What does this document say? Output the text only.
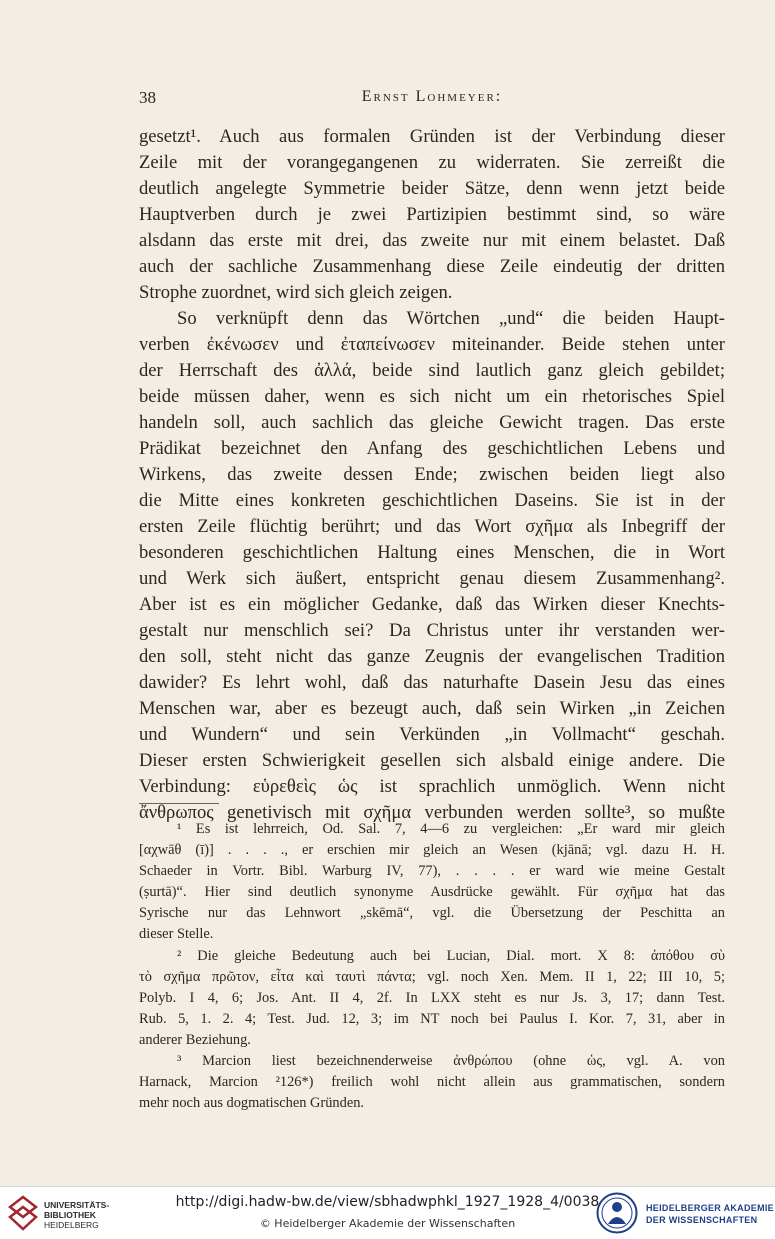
38	Ernst Lohmeyer:
gesetzt¹. Auch aus formalen Gründen ist der Verbindung dieser
Zeile mit der vorangegangenen zu widerraten. Sie zerreißt die
deutlich angelegte Symmetrie beider Sätze, denn wenn jetzt beide
Hauptverben durch je zwei Partizipien bestimmt sind, so wäre
alsdann das erste mit drei, das zweite nur mit einem belastet. Daß
auch der sachliche Zusammenhang diese Zeile eindeutig der dritten
Strophe zuordnet, wird sich gleich zeigen.
So verknüpft denn das Wörtchen „und“ die beiden Haupt-
verben ἐκένωσεν und ἐταπείνωσεν miteinander. Beide stehen unter
der Herrschaft des ἀλλά, beide sind lautlich ganz gleich gebildet;
beide müssen daher, wenn es sich nicht um ein rhetorisches Spiel
handeln soll, auch sachlich das gleiche Gewicht tragen. Das erste
Prädikat bezeichnet den Anfang des geschichtlichen Lebens und
Wirkens, das zweite dessen Ende; zwischen beiden liegt also
die Mitte eines konkreten geschichtlichen Daseins. Sie ist in der
ersten Zeile flüchtig berührt; und das Wort σχῆμα als Inbegriff der
besonderen geschichtlichen Haltung eines Menschen, die in Wort
und Werk sich äußert, entspricht genau diesem Zusammenhang².
Aber ist es ein möglicher Gedanke, daß das Wirken dieser Knechts-
gestalt nur menschlich sei? Da Christus unter ihr verstanden wer-
den soll, steht nicht das ganze Zeugnis der evangelischen Tradition
dawider? Es lehrt wohl, daß das naturhafte Dasein Jesu das eines
Menschen war, aber es bezeugt auch, daß sein Wirken „in Zeichen
und Wundern“ und sein Verkünden „in Vollmacht“ geschah.
Dieser ersten Schwierigkeit gesellen sich alsbald einige andere. Die
Verbindung: εὑρεθεὶς ὡς ist sprachlich unmöglich. Wenn nicht
ἄνθρωπος genetivisch mit σχῆμα verbunden werden sollte³, so mußte
¹ Es ist lehrreich, Od. Sal. 7, 4—6 zu vergleichen: „Er ward mir gleich
[αχwāθ (ī)] . . . ., er erschien mir gleich an Wesen (kjānā; vgl. dazu H. H.
Schaeder in Vortr. Bibl. Warburg IV, 77), . . . . er ward wie meine Gestalt
(ṣurtā)“. Hier sind deutlich synonyme Ausdrücke gewählt. Für σχῆμα hat das
Syrische nur das Lehnwort „skēmā“, vgl. die Übersetzung der Peschitta an
dieser Stelle.
² Die gleiche Bedeutung auch bei Lucian, Dial. mort. X 8: ἀπόθου σὺ
τὸ σχῆμα πρῶτον, εἶτα καὶ ταυτὶ πάντα; vgl. noch Xen. Mem. II 1, 22; III 10, 5;
Polyb. I 4, 6; Jos. Ant. II 4, 2f. In LXX steht es nur Js. 3, 17; dann Test.
Rub. 5, 1. 2. 4; Test. Jud. 12, 3; im NT noch bei Paulus I. Kor. 7, 31, aber in
anderer Beziehung.
³ Marcion liest bezeichnenderweise ἀνθρώπου (ohne ὡς, vgl. A. von
Harnack, Marcion ²126*) freilich wohl nicht allein aus grammatischen, sondern
mehr noch aus dogmatischen Gründen.
UNIVERSITÄTS-
BIBLIOTHEK
HEIDELBERG
http://digi.hadw-bw.de/view/sbhadwphkl_1927_1928_4/0038
© Heidelberger Akademie der Wissenschaften
HEIDELBERGER AKADEMIE
DER WISSENSCHAFTEN
